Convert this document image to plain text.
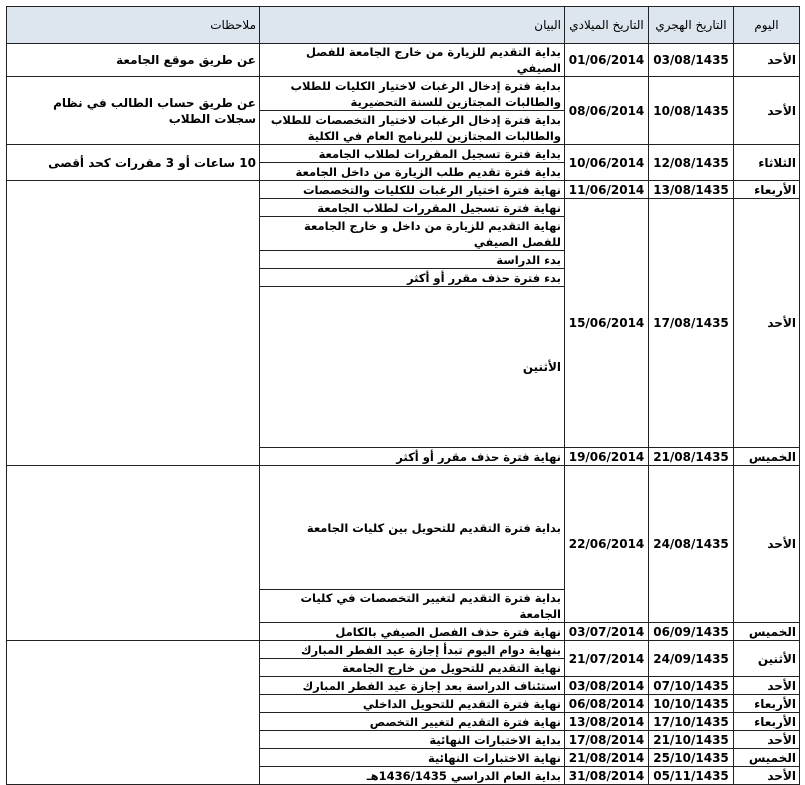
اليوم	التاريخ الهجري	التاريخ الميلادي	البيان	ملاحظات	
الأحد	03/08/1435	01/06/2014	بداية التقديم للزيارة من خارج الجامعة للفصل الصيفي	عن طريق موقع الجامعة	
الأحد	10/08/1435	08/06/2014	بداية فترة إدخال الرغبات لاختيار الكليات للطلاب والطالبات المجتازين للسنة التحضيرية	عن طريق حساب الطالب في نظام سجلات الطلاب	
			بداية فترة إدخال الرغبات لاختيار التخصصات للطلاب والطالبات المجتازين للبرنامج العام في الكلية		
الثلاثاء	12/08/1435	10/06/2014	بداية فترة تسجيل المقررات لطلاب الجامعة	10 ساعات أو 3 مقررات كحد أقصى	
			بداية فترة تقديم طلب الزيارة من داخل الجامعة		
الأربعاء	13/08/1435	11/06/2014	نهاية فترة اختيار الرغبات للكليات والتخصصات		
الأحد	17/08/1435	15/06/2014	نهاية فترة تسجيل المقررات لطلاب الجامعة		
			نهاية التقديم للزيارة من داخل و خارج الجامعة للفصل الصيفي		
			بدء الدراسة		
			بدء فترة حذف مقرر أو أكثر		
			الأثنين			
الخميس	21/08/1435	19/06/2014	نهاية فترة حذف مقرر أو أكثر	
الأحد	24/08/1435	22/06/2014	بداية فترة التقديم للتحويل بين كليات الجامعة		
			بداية فترة التقديم لتغيير التخصصات في كليات الجامعة		
الخميس	06/09/1435	03/07/2014	نهاية فترة حذف الفصل الصيفي بالكامل		
الأثنين	24/09/1435	21/07/2014	بنهاية دوام اليوم تبدأ إجازة عيد الفطر المبارك		
			نهاية التقديم للتحويل من خارج الجامعة		
الأحد	07/10/1435	03/08/2014	استئناف الدراسة بعد إجازة عيد الفطر المبارك		
الأربعاء	10/10/1435	06/08/2014	نهاية فترة التقديم للتحويل الداخلي		
الأربعاء	17/10/1435	13/08/2014	نهاية فترة التقديم لتغيير التخصص		
الأحد	21/10/1435	17/08/2014	بداية الاختبارات النهائية		
الخميس	25/10/1435	21/08/2014	نهاية الاختبارات النهائية		
الأحد	05/11/1435	31/08/2014	بداية العام الدراسي 1436/1435هـ		
